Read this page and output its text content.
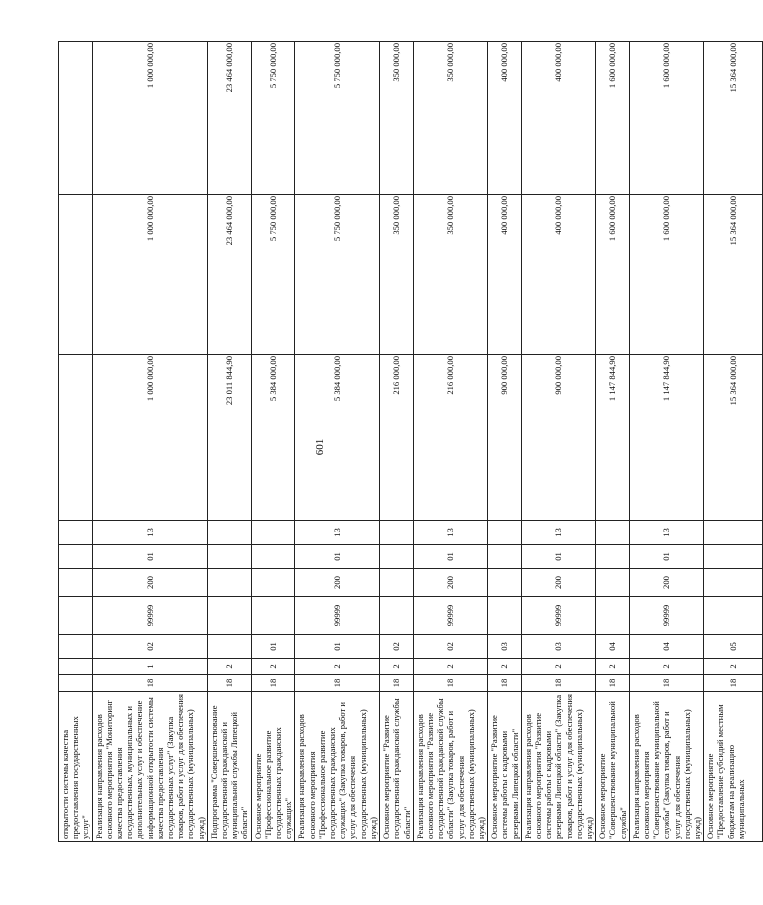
601
открытости системы качества предоставления государственных услуг"										
Реализация направления расходов основного мероприятия "Мониторинг качества предоставления государственных, муниципальных и дополнительных услуг и обеспечение информационной открытости системы качества предоставления государственных услуг" (Закупка товаров, работ и услуг для обеспечения государственных (муниципальных) нужд)	18	1	02	99999	200	01	13	1 000 000,00	1 000 000,00	1 000 000,00
Подпрограмма "Совершенствование государственной гражданской и муниципальной службы Липецкой области"	18	2						23 011 844,90	23 464 000,00	23 464 000,00
Основное мероприятие "Профессиональное развитие государственных гражданских служащих"	18	2	01					5 384 000,00	5 750 000,00	5 750 000,00
Реализация направления расходов основного мероприятия "Профессиональное развитие государственных гражданских служащих" (Закупка товаров, работ и услуг для обеспечения государственных (муниципальных) нужд)	18	2	01	99999	200	01	13	5 384 000,00	5 750 000,00	5 750 000,00
Основное мероприятие "Развитие государственной гражданской службы области"	18	2	02					216 000,00	350 000,00	350 000,00
Реализация направления расходов основного мероприятия "Развитие государственной гражданской службы области" (Закупка товаров, работ и услуг для обеспечения государственных (муниципальных) нужд)	18	2	02	99999	200	01	13	216 000,00	350 000,00	350 000,00
Основное мероприятие "Развитие системы работы с кадровыми резервами Липецкой области"	18	2	03					900 000,00	400 000,00	400 000,00
Реализация направления расходов основного мероприятия "Развитие системы работы с кадровыми резервами Липецкой области" (Закупка товаров, работ и услуг для обеспечения государственных (муниципальных) нужд)	18	2	03	99999	200	01	13	900 000,00	400 000,00	400 000,00
Основное мероприятие "Совершенствование муниципальной службы"	18	2	04					1 147 844,90	1 600 000,00	1 600 000,00
Реализация направления расходов основного мероприятия "Совершенствование муниципальной службы" (Закупка товаров, работ и услуг для обеспечения государственных (муниципальных) нужд)	18	2	04	99999	200	01	13	1 147 844,90	1 600 000,00	1 600 000,00
Основное мероприятие "Предоставление субсидий местным бюджетам на реализацию муниципальных	18	2	05					15 364 000,00	15 364 000,00	15 364 000,00
